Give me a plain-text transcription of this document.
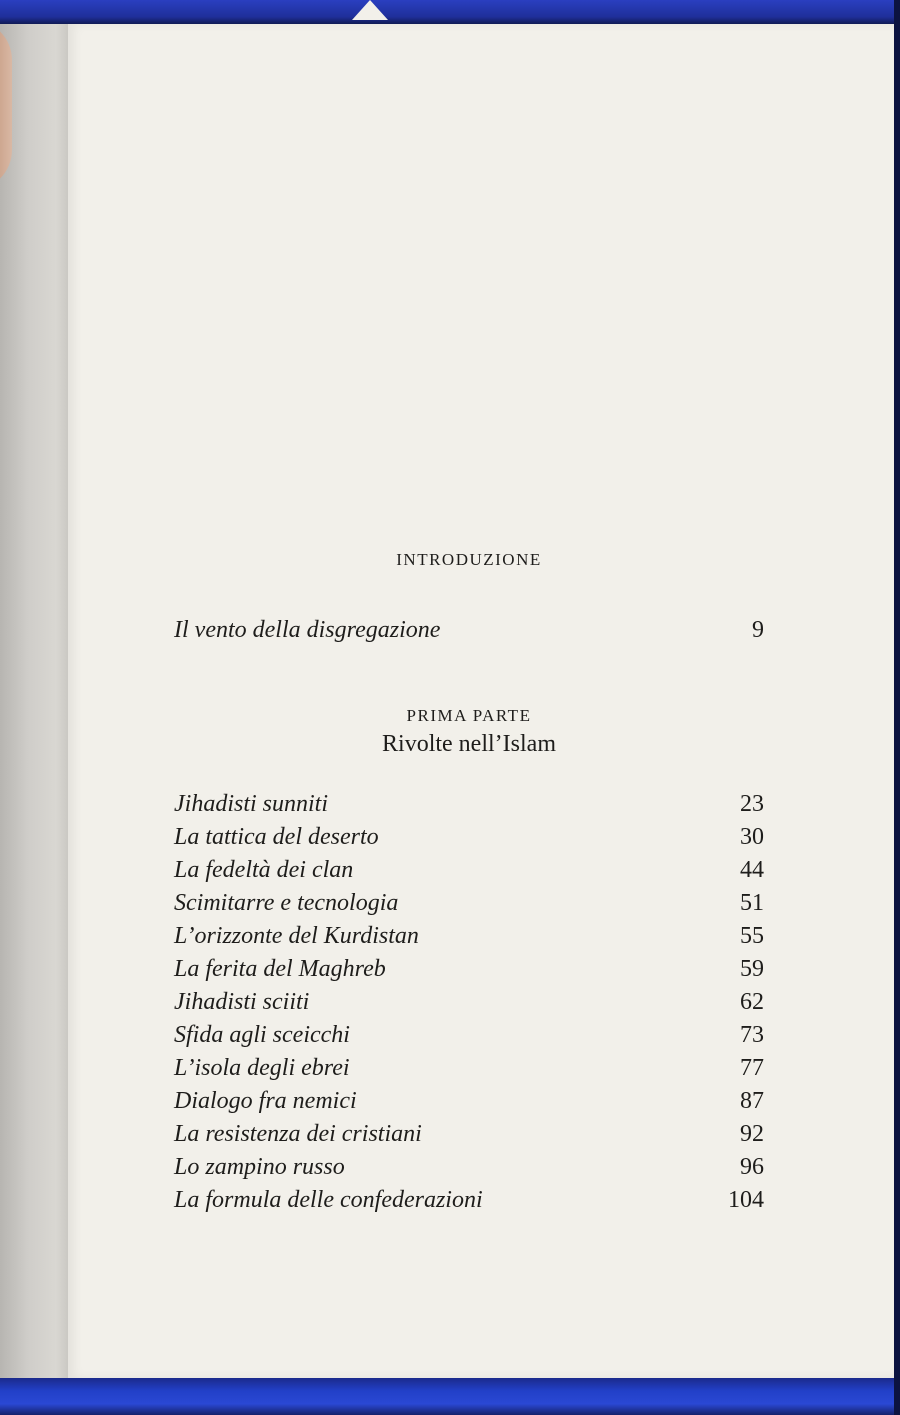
INTRODUZIONE
Il vento della disgregazione	9
PRIMA PARTE
Rivolte nell’Islam
Jihadisti sunniti	23
La tattica del deserto	30
La fedeltà dei clan	44
Scimitarre e tecnologia	51
L’orizzonte del Kurdistan	55
La ferita del Maghreb	59
Jihadisti sciiti	62
Sfida agli sceicchi	73
L’isola degli ebrei	77
Dialogo fra nemici	87
La resistenza dei cristiani	92
Lo zampino russo	96
La formula delle confederazioni	104
